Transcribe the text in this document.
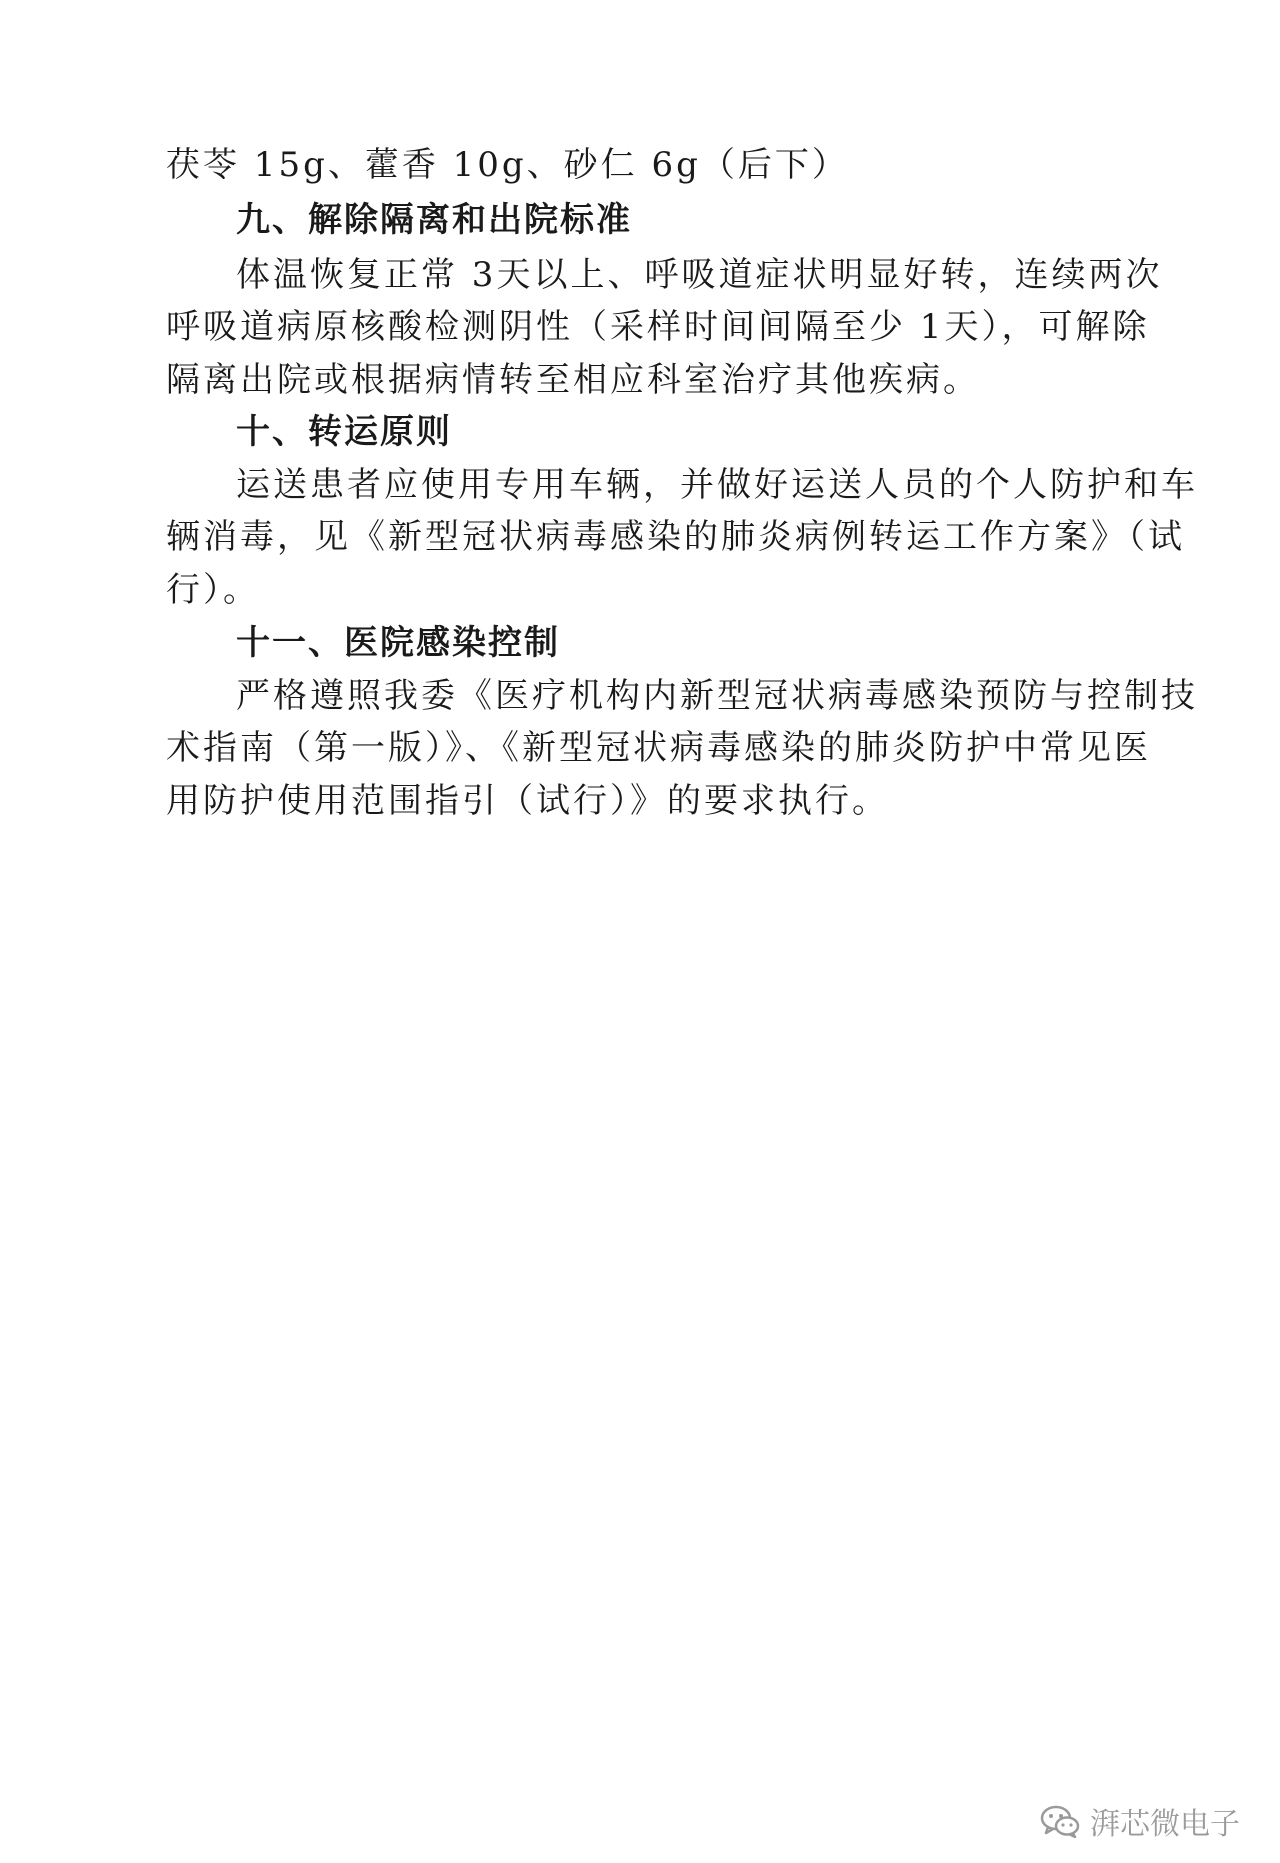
茯苓 15g、藿香 10g、砂仁 6g（后下）
九、解除隔离和出院标准
体温恢复正常 3天以上、呼吸道症状明显好转，连续两次
呼吸道病原核酸检测阴性（采样时间间隔至少 1天），可解除
隔离出院或根据病情转至相应科室治疗其他疾病。
十、转运原则
运送患者应使用专用车辆，并做好运送人员的个人防护和车
辆消毒，见《新型冠状病毒感染的肺炎病例转运工作方案》（试
行）。
十一、医院感染控制
严格遵照我委《医疗机构内新型冠状病毒感染预防与控制技
术指南（第一版）》、《新型冠状病毒感染的肺炎防护中常见医
用防护使用范围指引（试行）》的要求执行。
湃芯微电子
